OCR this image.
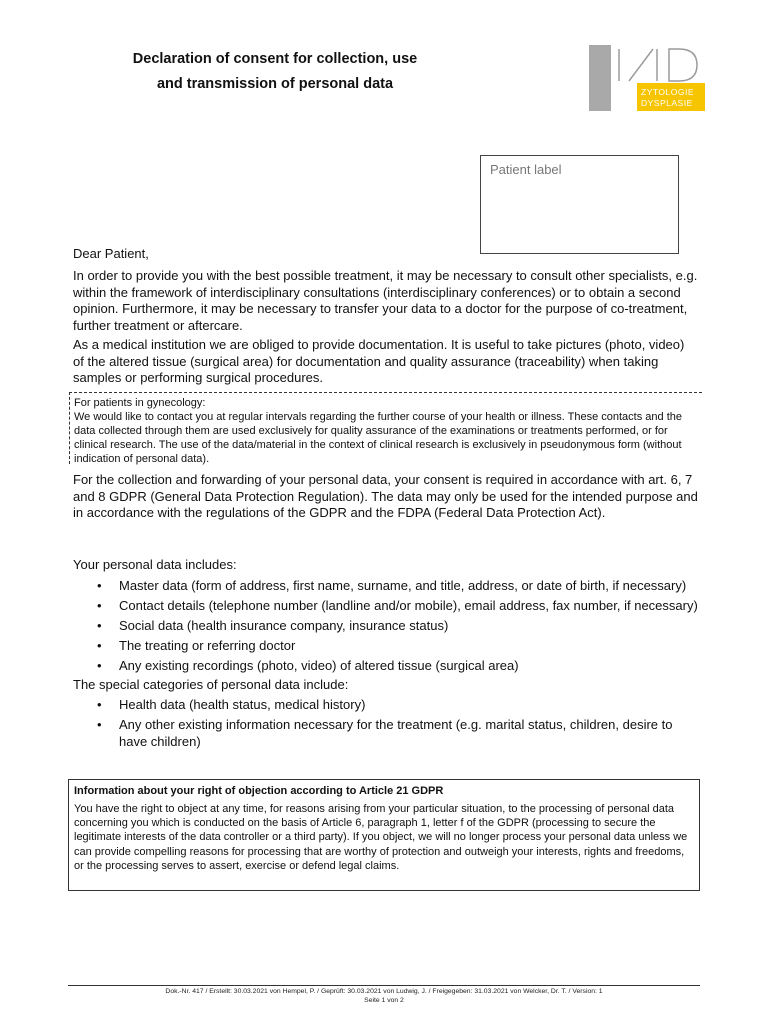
Declaration of consent for collection, use
and transmission of personal data	INSTITUT ZYTOLOGIE
DYSPLASIE
Patient label
Dear Patient,
In order to provide you with the best possible treatment, it may be necessary to consult other specialists, e.g. within the framework of interdisciplinary consultations (interdisciplinary conferences) or to obtain a second opinion. Furthermore, it may be necessary to transfer your data to a doctor for the purpose of co-treatment, further treatment or aftercare.
As a medical institution we are obliged to provide documentation. It is useful to take pictures (photo, video) of the altered tissue (surgical area) for documentation and quality assurance (traceability) when taking samples or performing surgical procedures.
For patients in gynecology:
We would like to contact you at regular intervals regarding the further course of your health or illness. These contacts and the data collected through them are used exclusively for quality assurance of the examinations or treatments performed, or for clinical research. The use of the data/material in the context of clinical research is exclusively in pseudonymous form (without indication of personal data).
For the collection and forwarding of your personal data, your consent is required in accordance with art. 6, 7 and 8 GDPR (General Data Protection Regulation). The data may only be used for the intended purpose and in accordance with the regulations of the GDPR and the FDPA (Federal Data Protection Act).
Your personal data includes:
• Master data (form of address, first name, surname, and title, address, or date of birth, if necessary)
• Contact details (telephone number (landline and/or mobile), email address, fax number, if necessary)
• Social data (health insurance company, insurance status)
• The treating or referring doctor
• Any existing recordings (photo, video) of altered tissue (surgical area)
The special categories of personal data include:
• Health data (health status, medical history)
• Any other existing information necessary for the treatment (e.g. marital status, children, desire to have children)
Information about your right of objection according to Article 21 GDPR
You have the right to object at any time, for reasons arising from your particular situation, to the processing of personal data concerning you which is conducted on the basis of Article 6, paragraph 1, letter f of the GDPR (processing to secure the legitimate interests of the data controller or a third party). If you object, we will no longer process your personal data unless we can provide compelling reasons for processing that are worthy of protection and outweigh your interests, rights and freedoms, or the processing serves to assert, exercise or defend legal claims.
Dok.-Nr. 417 / Erstellt: 30.03.2021 von Hempel, P. / Geprüft: 30.03.2021 von Ludwig, J. / Freigegeben: 31.03.2021 von Welcker, Dr. T. / Version: 1
Seite 1 von 2
